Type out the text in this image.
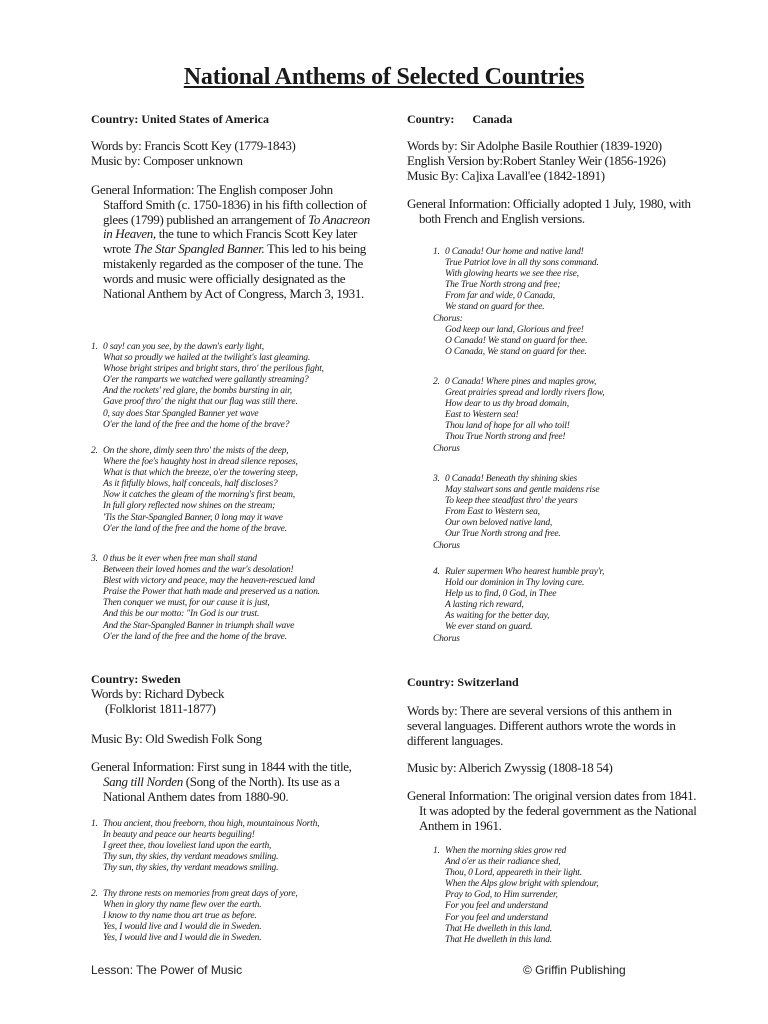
National Anthems of Selected Countries
Country: United States of America
Words by: Francis Scott Key (1779-1843)
Music by: Composer unknown
General Information: The English composer John Stafford Smith (c. 1750-1836) in his fifth collection of glees (1799) published an arrangement of To Anacreon in Heaven, the tune to which Francis Scott Key later wrote The Star Spangled Banner. This led to his being mistakenly regarded as the composer of the tune. The words and music were officially designated as the National Anthem by Act of Congress, March 3, 1931.
1. 0 say! can you see, by the dawn's early light,
What so proudly we hailed at the twilight's last gleaming.
Whose bright stripes and bright stars, thro' the perilous fight,
O'er the ramparts we watched were gallantly streaming?
And the rockets' red glare, the bombs bursting in air,
Gave proof thro' the night that our flag was still there.
0, say does Star Spangled Banner yet wave
O'er the land of the free and the home of the brave?
2. On the shore, dimly seen thro' the mists of the deep,
Where the foe's haughty host in dread silence reposes,
What is that which the breeze, o'er the towering steep,
As it fitfully blows, half conceals, half discloses?
Now it catches the gleam of the morning's first beam,
In full glory reflected now shines on the stream;
'Tis the Star-Spangled Banner, 0 long may it wave
O'er the land of the free and the home of the brave.
3. 0 thus be it ever when free man shall stand
Between their loved homes and the war's desolation!
Blest with victory and peace, may the heaven-rescued land
Praise the Power that hath made and preserved us a nation.
Then conquer we must, for our cause it is just,
And this be our motto: "In God is our trust.
And the Star-Spangled Banner in triumph shall wave
O'er the land of the free and the home of the brave.
Country: Sweden
Words by: Richard Dybeck
(Folklorist 1811-1877)
Music By: Old Swedish Folk Song
General Information: First sung in 1844 with the title, Sang till Norden (Song of the North). Its use as a National Anthem dates from 1880-90.
1. Thou ancient, thou freeborn, thou high, mountainous North,
In beauty and peace our hearts beguiling!
I greet thee, thou loveliest land upon the earth,
Thy sun, thy skies, thy verdant meadows smiling.
Thy sun, thy skies, thy verdant meadows smiling.
2. Thy throne rests on memories from great days of yore,
When in glory thy name flew over the earth.
I know to thy name thou art true as before.
Yes, I would live and I would die in Sweden.
Yes, I would live and I would die in Sweden.
Country: Canada
Words by: Sir Adolphe Basile Routhier (1839-1920)
English Version by:Robert Stanley Weir (1856-1926)
Music By: Ca]ixa Lavall'ee (1842-1891)
General Information: Officially adopted 1 July, 1980, with both French and English versions.
1. 0 Canada! Our home and native land!
True Patriot love in all thy sons command.
With glowing hearts we see thee rise,
The True North strong and free;
From far and wide, 0 Canada,
We stand on guard for thee.
Chorus:
God keep our land, Glorious and free!
O Canada! We stand on guard for thee.
O Canada, We stand on guard for thee.
2. 0 Canada! Where pines and maples grow,
Great prairies spread and lordly rivers flow,
How dear to us thy broad domain,
East to Western sea!
Thou land of hope for all who toil!
Thou True North strong and free!
Chorus
3. 0 Canada! Beneath thy shining skies
May stalwart sons and gentle maidens rise
To keep thee steadfast thro' the years
From East to Western sea,
Our own beloved native land,
Our True North strong and free.
Chorus
4. Ruler supermen Who hearest humble pray'r,
Hold our dominion in Thy loving care.
Help us to find, 0 God, in Thee
A lasting rich reward,
As waiting for the better day,
We ever stand on guard.
Chorus
Country: Switzerland
Words by: There are several versions of this anthem in several languages. Different authors wrote the words in different languages.
Music by: Alberich Zwyssig (1808-18 54)
General Information: The original version dates from 1841. It was adopted by the federal government as the National Anthem in 1961.
1. When the morning skies grow red
And o'er us their radiance shed,
Thou, 0 Lord, appeareth in their light.
When the Alps glow bright with splendour,
Pray to God, to Him surrender,
For you feel and understand
For you feel and understand
That He dwelleth in this land.
That He dwelleth in this land.
Lesson: The Power of Music	© Griffin Publishing
